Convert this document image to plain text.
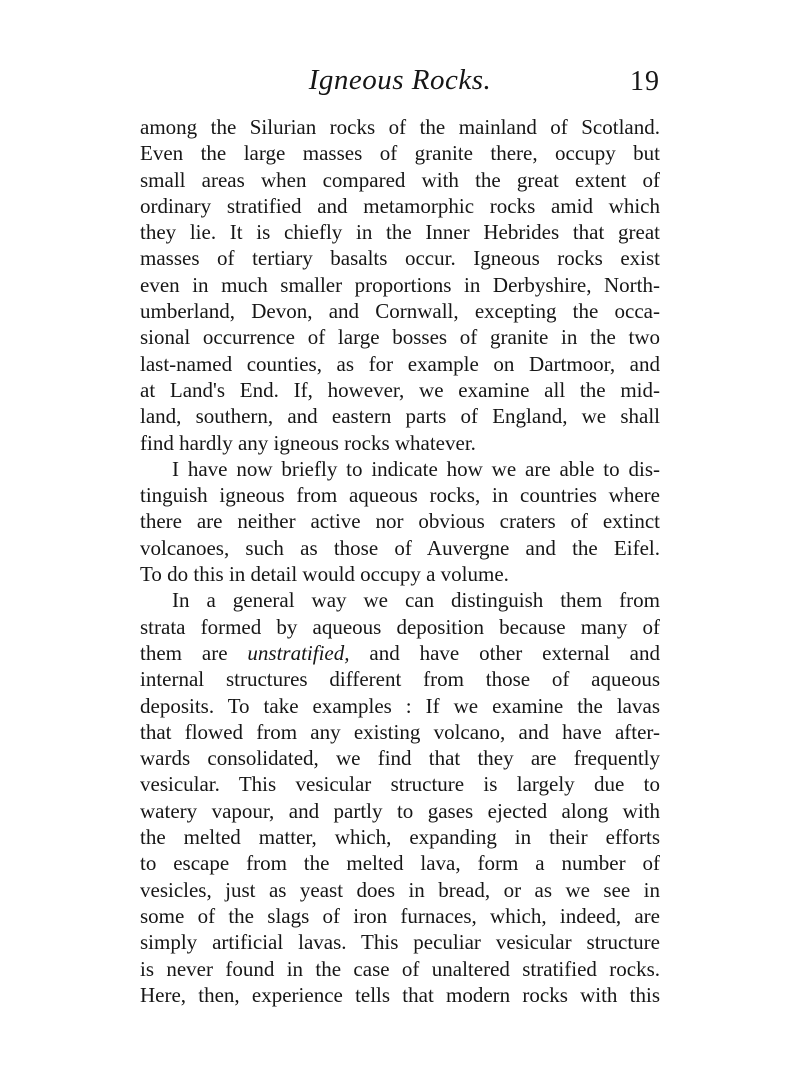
Igneous Rocks.	19
among the Silurian rocks of the mainland of Scotland.
Even the large masses of granite there, occupy but
small areas when compared with the great extent of
ordinary stratified and metamorphic rocks amid which
they lie. It is chiefly in the Inner Hebrides that great
masses of tertiary basalts occur. Igneous rocks exist
even in much smaller proportions in Derbyshire, North-
umberland, Devon, and Cornwall, excepting the occa-
sional occurrence of large bosses of granite in the two
last-named counties, as for example on Dartmoor, and
at Land's End. If, however, we examine all the mid-
land, southern, and eastern parts of England, we shall
find hardly any igneous rocks whatever.
I have now briefly to indicate how we are able to dis-
tinguish igneous from aqueous rocks, in countries where
there are neither active nor obvious craters of extinct
volcanoes, such as those of Auvergne and the Eifel.
To do this in detail would occupy a volume.
In a general way we can distinguish them from
strata formed by aqueous deposition because many of
them are unstratified, and have other external and
internal structures different from those of aqueous
deposits. To take examples : If we examine the lavas
that flowed from any existing volcano, and have after-
wards consolidated, we find that they are frequently
vesicular. This vesicular structure is largely due to
watery vapour, and partly to gases ejected along with
the melted matter, which, expanding in their efforts
to escape from the melted lava, form a number of
vesicles, just as yeast does in bread, or as we see in
some of the slags of iron furnaces, which, indeed, are
simply artificial lavas. This peculiar vesicular structure
is never found in the case of unaltered stratified rocks.
Here, then, experience tells that modern rocks with this
